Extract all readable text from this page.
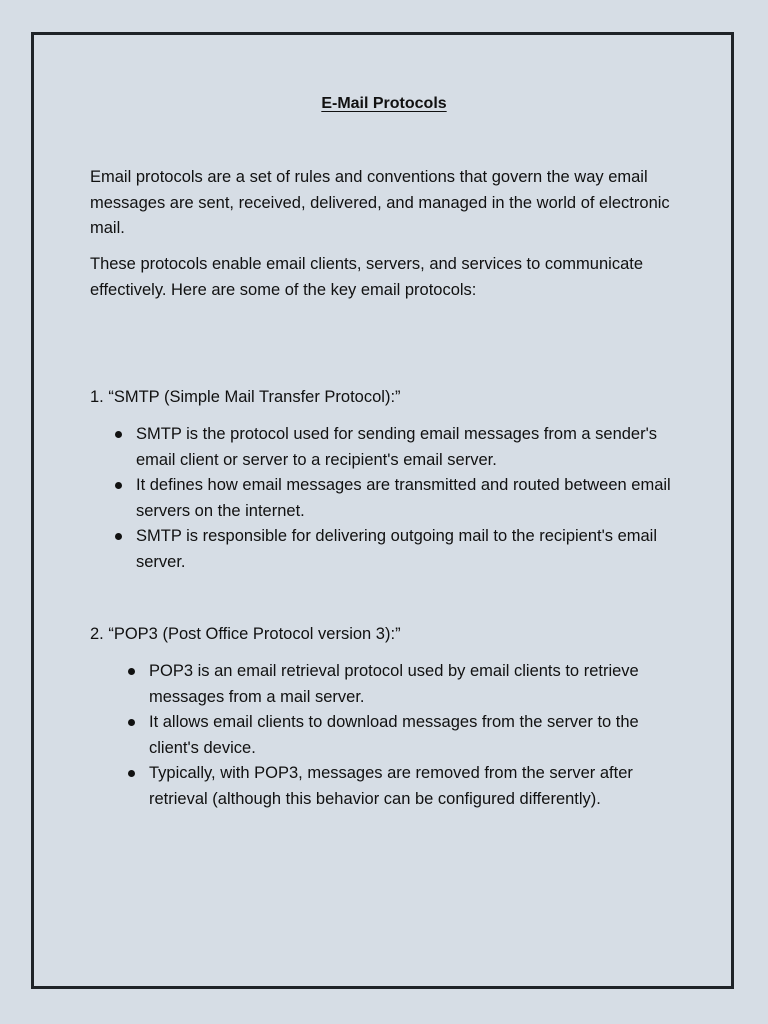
E-Mail Protocols

Email protocols are a set of rules and conventions that govern the way email messages are sent, received, delivered, and managed in the world of electronic mail.

These protocols enable email clients, servers, and services to communicate effectively. Here are some of the key email protocols:

1. “SMTP (Simple Mail Transfer Protocol):”
SMTP is the protocol used for sending email messages from a sender's email client or server to a recipient's email server.
It defines how email messages are transmitted and routed between email servers on the internet.
SMTP is responsible for delivering outgoing mail to the recipient's email server.
2. “POP3 (Post Office Protocol version 3):”
POP3 is an email retrieval protocol used by email clients to retrieve messages from a mail server.
It allows email clients to download messages from the server to the client's device.
Typically, with POP3, messages are removed from the server after retrieval (although this behavior can be configured differently).
